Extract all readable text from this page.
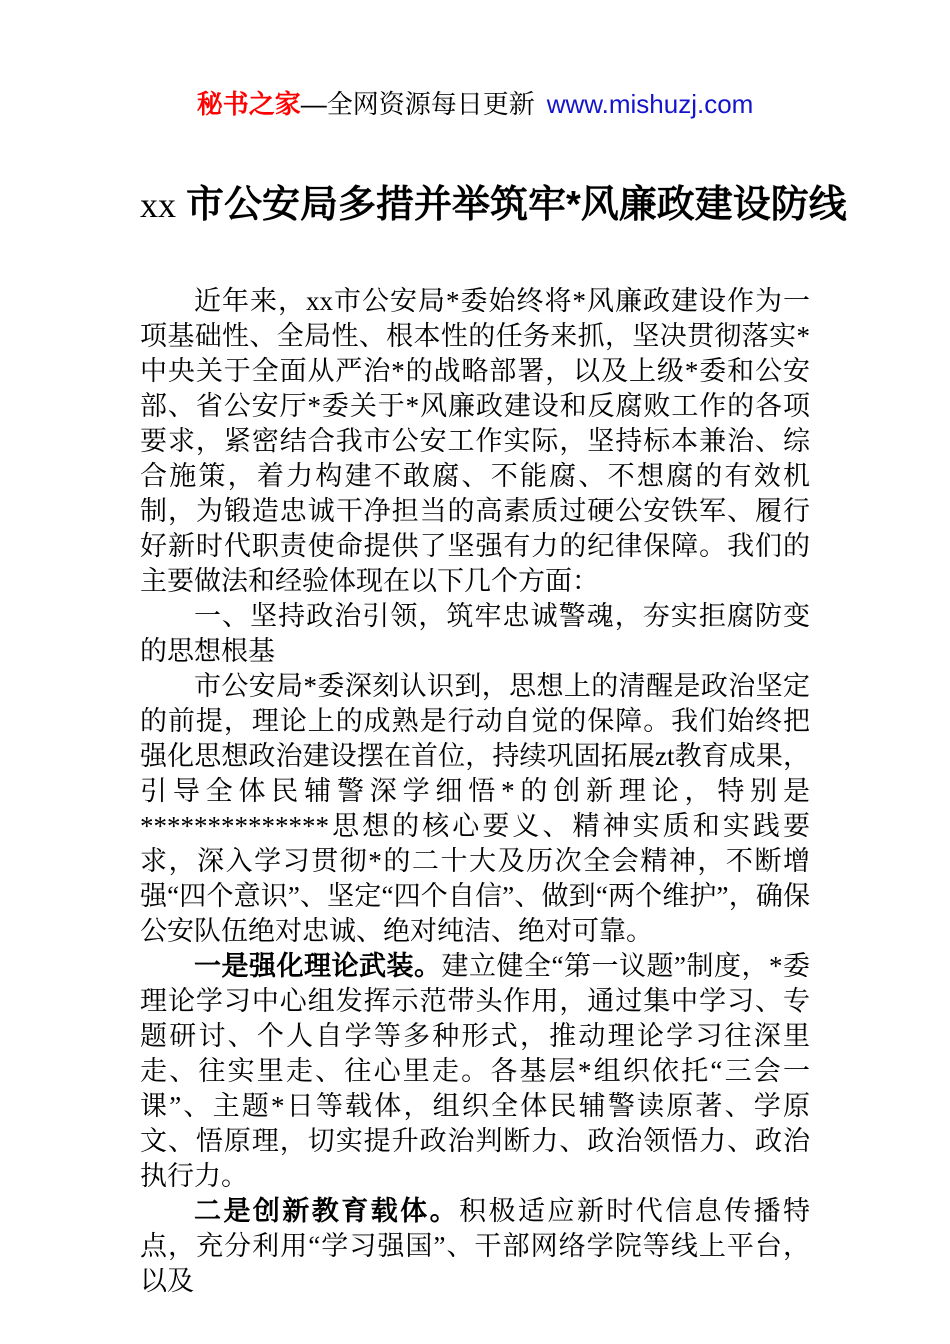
秘书之家—全网资源每日更新 www.mishuzj.com
xx 市公安局多措并举筑牢*风廉政建设防线

近年来，xx市公安局*委始终将*风廉政建设作为一项基础性、全局性、根本性的任务来抓，坚决贯彻落实*中央关于全面从严治*的战略部署，以及上级*委和公安部、省公安厅*委关于*风廉政建设和反腐败工作的各项要求，紧密结合我市公安工作实际，坚持标本兼治、综合施策，着力构建不敢腐、不能腐、不想腐的有效机制，为锻造忠诚干净担当的高素质过硬公安铁军、履行好新时代职责使命提供了坚强有力的纪律保障。我们的主要做法和经验体现在以下几个方面：

一、坚持政治引领，筑牢忠诚警魂，夯实拒腐防变的思想根基

市公安局*委深刻认识到，思想上的清醒是政治坚定的前提，理论上的成熟是行动自觉的保障。我们始终把强化思想政治建设摆在首位，持续巩固拓展zt教育成果，引导全体民辅警深学细悟*的创新理论，特别是**************思想的核心要义、精神实质和实践要求，深入学习贯彻*的二十大及历次全会精神，不断增强“四个意识”、坚定“四个自信”、做到“两个维护”，确保公安队伍绝对忠诚、绝对纯洁、绝对可靠。

一是强化理论武装。建立健全“第一议题”制度，*委理论学习中心组发挥示范带头作用，通过集中学习、专题研讨、个人自学等多种形式，推动理论学习往深里走、往实里走、往心里走。各基层*组织依托“三会一课”、主题*日等载体，组织全体民辅警读原著、学原文、悟原理，切实提升政治判断力、政治领悟力、政治执行力。

二是创新教育载体。积极适应新时代信息传播特点，充分利用“学习强国”、干部网络学院等线上平台，以及
